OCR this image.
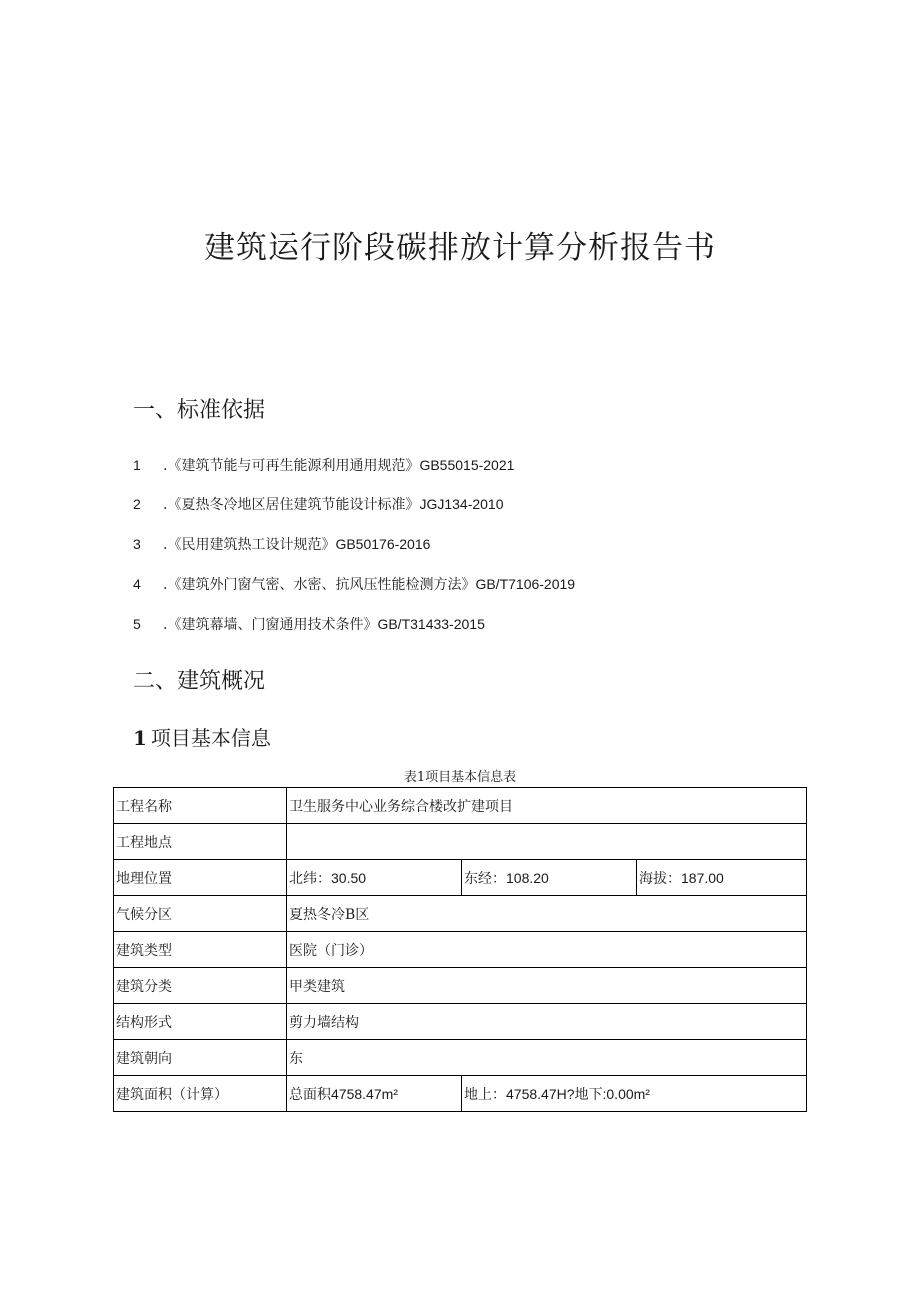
建筑运行阶段碳排放计算分析报告书
一、标准依据
1 .《建筑节能与可再生能源利用通用规范》GB55015-2021
2 .《夏热冬冷地区居住建筑节能设计标准》JGJ134-2010
3 .《民用建筑热工设计规范》GB50176-2016
4 .《建筑外门窗气密、水密、抗风压性能检测方法》GB/T7106-2019
5 .《建筑幕墙、门窗通用技术条件》GB/T31433-2015
二、建筑概况
1 项目基本信息
表1项目基本信息表
工程名称	卫生服务中心业务综合楼改扩建项目		
工程地点			
地理位置	北纬：30.50	东经：108.20	海拔：187.00
气候分区	夏热冬冷B区		
建筑类型	医院（门诊）		
建筑分类	甲类建筑		
结构形式	剪力墙结构		
建筑朝向	东		
建筑面积（计算）	总面积4758.47m²	地上：4758.47H?地下:0.00m²	
